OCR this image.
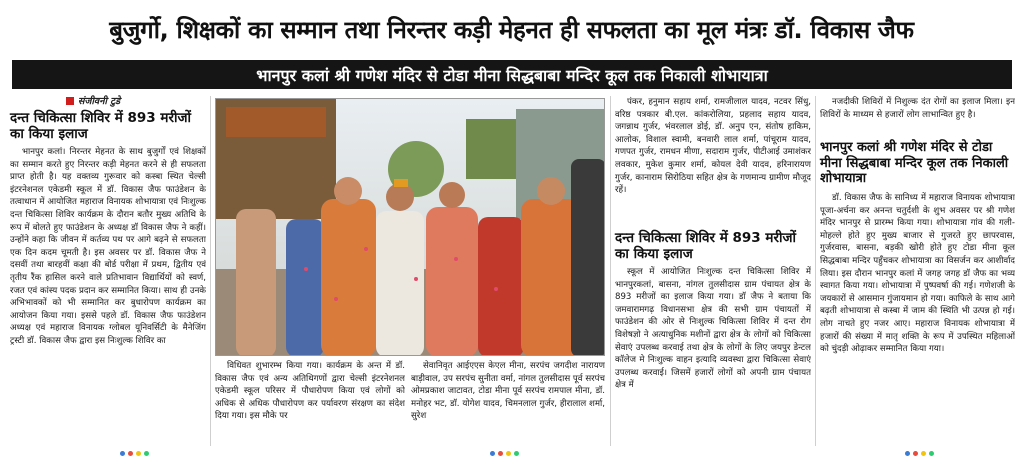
बुजुर्गो, शिक्षकों का सम्मान तथा निरन्तर कड़ी मेहनत ही सफलता का मूल मंत्रः डॉ. विकास जैफ
भानपुर कलां श्री गणेश मंदिर से टोडा मीना सिद्धबाबा मन्दिर कूल तक निकाली शोभायात्रा
संजीवनी टुडे
दन्त चिकित्सा शिविर में 893 मरीजों का किया इलाज

भानपुर कलां। निरन्तर मेहनत के साथ बुजुर्गों एवं शिक्षकों का सम्मान करते हुए निरन्तर कड़ी मेहनत करने से ही सफलता प्राप्त होती है। यह वक्तव्य गुरूवार को कस्बा स्थित चेल्सी इंटरनेशनल एकेडमी स्कूल में डॉ. विकास जैफ फाउंडेशन के तत्वाधान में आयोजित महाराज विनायक शोभायात्रा एवं निःशुल्क दन्त चिकित्सा शिविर कार्यक्रम के दौरान बतौर मुख्य अतिथि के रूप में बोलते हुए फाउंडेशन के अध्यक्ष डॉ विकास जैफ ने कहीं। उन्होंने कहा कि जीवन में कर्तव्य पथ पर आगे बढ़ने से सफलता एक दिन कदम चूमती है। इस अवसर पर डॉ. विकास जैफ ने दसवीं तथा बारहवीं कक्षा की बोर्ड परीक्षा में प्रथम, द्वितीय एवं तृतीय रैंक हासिल करने वाले प्रतिभावान विद्यार्थियों को स्वर्ण, रजत एवं कांस्य पदक प्रदान कर सम्मानित किया। साथ ही उनके अभिभावकों को भी सम्मानित कर बुधारोपण कार्यक्रम का आयोजन किया गया। इससे पहले डॉ. विकास जैफ फाउंडेशन अध्यक्ष एवं महाराज विनायक ग्लोबल यूनिवर्सिटी के मैनेजिंग ट्रस्टी डॉ. विकास जैफ द्वारा इस निःशुल्क शिविर का

विधिवत शुभारम्भ किया गया। कार्यक्रम के अन्त में डॉ. विकास जैफ एवं अन्य अतिथिगणों द्वारा चेल्सी इंटरनेशनल एकेडमी स्कूल परिसर में पौधारोपण किया एवं लोगों को अधिक से अधिक पौधारोपण कर पर्यावरण संरक्षण का संदेश दिया गया। इस मौके पर

सेवानिवृत आईएएस केएल मीना, सरपंच जगदीश नारायण बाड़ीवाल, उप सरपंच सुनीता वर्मा, नांगल तुलसीदास पूर्व सरपंच ओमप्रकाश जाटावत, टोडा मीना पूर्व सरपंच रामपाल मीना, डॉ. मनोहर भट, डॉ. योगेश यादव, चिमनलाल गुर्जर, हीरालाल शर्मा, सुरेश

पंकर, हनुमान सहाय शर्मा, रामजीलाल यादव, नटवर सिंधु, वरिष्ठ पत्रकार बी.एल. कांकरोलिया, प्रहलाद सहाय यादव, जगन्नाथ गुर्जर, भंवरलाल डोई, डॉ. अनुप एन, संतोष हाकिम, आलोक, विशाल स्वामी, बनवारी लाल शर्मा, पांचूराम यादव, गणपत गुर्जर, रामधन मीणा, सदाराम गुर्जर, पीटीआई उमाशंकर लवकार, मुकेश कुमार शर्मा, कोयल देवी यादव, हरिनारायण गुर्जर, कानाराम सिरोठिया सहित क्षेत्र के गणमान्य ग्रामीण मौजूद रहें।

दन्त चिकित्सा शिविर में 893 मरीजों का किया इलाज

स्कूल में आयोजित निःशुल्क दन्त चिकित्सा शिविर में भानपुरकलां, बासना, नांगल तुलसीदास ग्राम पंचायत क्षेत्र के 893 मरीजों का इलाज किया गया। डॉ जैफ ने बताया कि जमवारामगढ़ विधानसभा क्षेत्र की सभी ग्राम पंचायतों में फाउंडेशन की ओर से निःशुल्क चिकित्सा शिविर में दन्त रोग विशेषज्ञो ने अत्याधुनिक मशीनों द्वारा क्षेत्र के लोगों को चिकित्सा सेवाएं उपलब्ध करवाई तथा क्षेत्र के लोगों के लिए जयपुर डेन्टल कॉलेज मे निःशुल्क वाहन इत्यादि व्यवस्था द्वारा चिकित्सा सेवाएं उपलब्ध करवाई। जिसमें हजारों लोगों को अपनी ग्राम पंचायत क्षेत्र में

नजदीकी शिविरों में निशुल्क दंत रोगों का इलाज मिला। इन शिविरों के माध्यम से हजारों लोग लाभान्वित हुए है।

भानपुर कलां श्री गणेश मंदिर से टोडा मीना सिद्धबाबा मन्दिर कूल तक निकाली शोभायात्रा

डॉ. विकास जैफ के सानिध्य में महाराज विनायक शोभायात्रा पूजा-अर्चना कर अनन्त चतुर्दशी के शुभ अवसर पर श्री गणेश मंदिर भानपुर से प्रारम्भ किया गया। शोभायात्रा गांव की गली-मोहल्ले होते हुए मुख्य बाजार से गुजरते हुए छापरवास, गुर्जरवास, बासना, बड़की खोरी होते हुए टोडा मीना कूल सिद्धबाबा मन्दिर पहुँचकर शोभायात्रा का विसर्जन कर आशीर्वाद लिया। इस दौरान भानपुर कलां में जगह जगह डॉ जैफ का भव्य स्वागत किया गया। शोभायात्रा में पुष्पवर्षा की गई। गणेशजी के जयकारों से आसमान गुंजायमान हो गया। काफिले के साथ आगे बढ़ती शोभायात्रा से कस्बा में जाम की स्थिति भी उत्पन्न हो गई। लोग नाचते हुए नजर आए। महाराज विनायक शोभायात्रा में हजारों की संख्या में मातृ शक्ति के रूप में उपस्थित महिलाओं को चुंदड़ी ओढ़ाकर सम्मानित किया गया।
